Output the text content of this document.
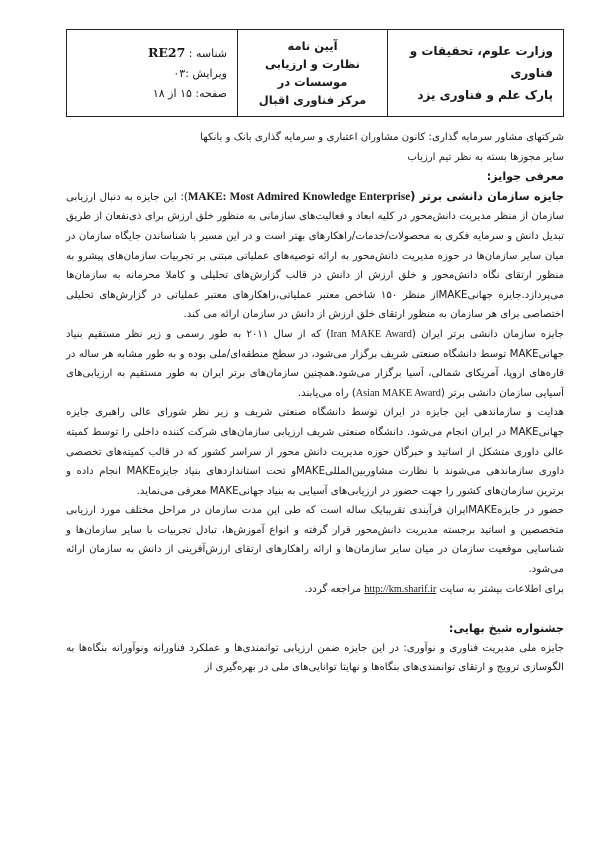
وزارت علوم، تحقیقات و فناوری
پارک علم و فناوری یزد
آیین نامه
نظارت و ارزیابی موسسات در
مرکز فناوری اقبال
شناسه : RE27
ویرایش :۰۳
صفحه: ۱۵ از ۱۸

شرکتهای مشاور سرمایه گذاری: کانون مشاوران اعتباری و سرمایه گذاری بانک و بانکها

سایر مجوزها بسته به نظر تیم ارزیاب

معرفی جوایز:

جایزه سازمان دانشی برتر (MAKE: Most Admired Knowledge Enterprise): این جایزه به دنبال ارزیابی سازمان از منظر مدیریت دانش‌محور در کلیه ابعاد و فعالیت‌های سازمانی به منظور خلق ارزش برای ذی‌نفعان از طریق تبدیل دانش و سرمایه فکری به محصولات/خدمات/راهکارهای بهتر است و در این مسیر با شناساندن جایگاه سازمان در میان سایر سازمان‌ها در حوزه مدیریت دانش‌محور به ارائه توصیه‌های عملیاتی مبتنی بر تجربیات سازمان‌های پیشرو به منظور ارتقای نگاه دانش‌محور و خلق ارزش از دانش در قالب گزارش‌های تحلیلی و کاملا محرمانه به سازمان‌ها می‌پردازد.جایزه جهانیMAKEاز منظر ۱۵۰ شاخص معتبر عملیاتی،راهکارهای معتبر عملیاتی در گزارش‌های تحلیلی اختصاصی برای هر سازمان به منظور ارتقای خلق ارزش از دانش در سازمان ارائه می کند.

جایزه سازمان دانشی برتر ایران (Iran MAKE Award) که از سال ۲۰۱۱ به طور رسمی و زیر نظر مستقیم بنیاد جهانیMAKE توسط دانشگاه صنعتی شریف برگزار می‌شود، در سطح منطقه‌ای/ملی بوده و به طور مشابه هر ساله در قاره‌های اروپا، آمریکای شمالی، آسیا برگزار می‌شود.همچنین سازمان‌های برتر ایران به طور مستقیم به ارزیابی‌های آسیایی سازمان دانشی برتر (Asian MAKE Award) راه می‌یابند.

هدایت و سازماندهی این جایزه در ایران توسط دانشگاه صنعتی شریف و زیر نظر شورای عالی راهبری جایزه جهانیMAKE در ایران انجام می‌شود. دانشگاه صنعتی شریف ارزیابی سازمان‌های شرکت کننده داخلی را توسط کمیته عالی داوری متشکل از اساتید و خبرگان حوزه مدیریت دانش محور از سراسر کشور که در قالب کمیته‌های تخصصی داوری سازماندهی می‌شوند با نظارت مشاوربین‌المللیMAKEو تحت استانداردهای بنیاد جایزهMAKE انجام داده و برترین سازمان‌های کشور را جهت حضور در ارزیابی‌های آسیایی به بنیاد جهانیMAKE معرفی می‌نماید.

حضور در جایزهMAKEایران فرآیندی تقریبایک ساله است که طی این مدت سازمان در مراحل مختلف مورد ارزیابی متخصصین و اساتید برجسته مدیریت دانش‌محور قرار گرفته و انواع آموزش‌ها، تبادل تجربیات با سایر سازمان‌ها و شناسایی موقعیت سازمان در میان سایر سازمان‌ها و ارائه راهکارهای ارتقای ارزش‌آفرینی از دانش به سازمان ارائه می‌شود.

برای اطلاعات بیشتر به سایت http://km.sharif.ir مراجعه گردد.

جشنواره شیخ بهایی:

جایزه ملی مدیریت فناوری و نوآوری: در این جایزه ضمن ارزیابی توانمندی‌ها و عملکرد فناورانه ونوآورانه بنگاه‌ها به الگوسازی ترویج و ارتقای توانمندی‌های بنگاه‌ها و نهایتا توانایی‌های ملی در بهره‌گیری از
